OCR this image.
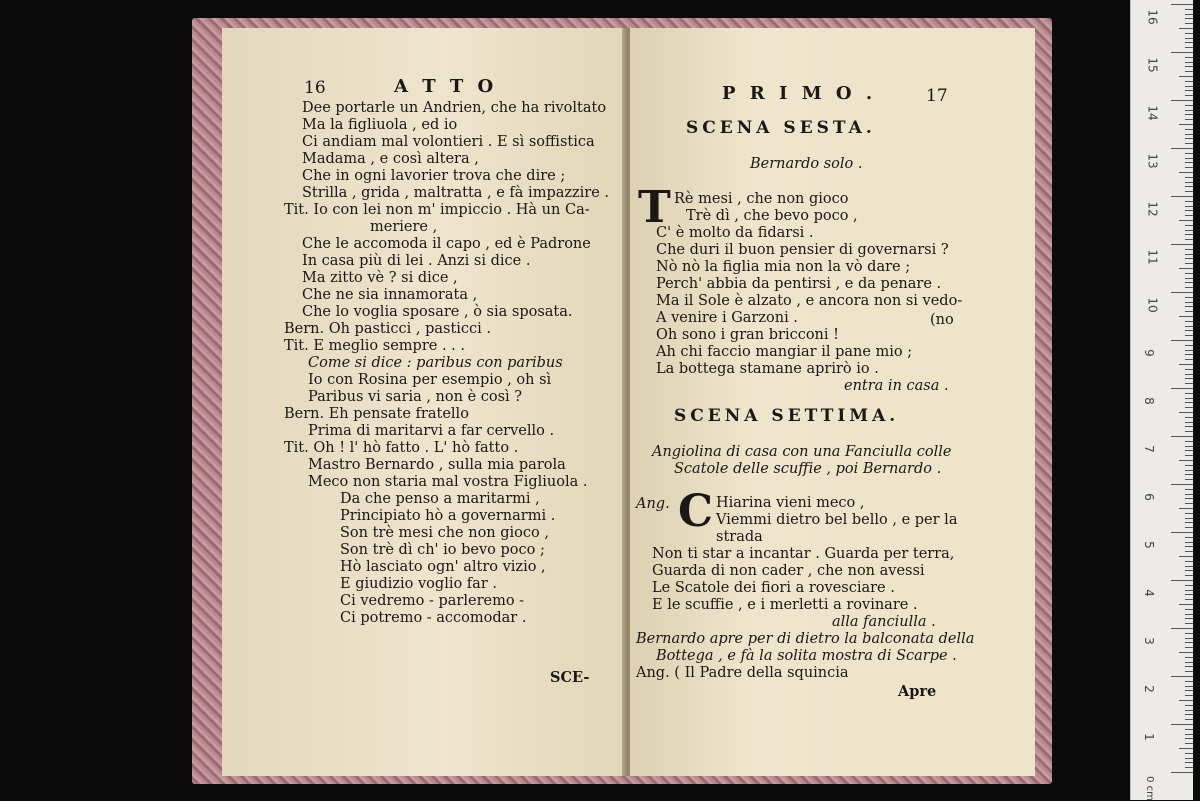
16	A T T O
Dee portarle un Andrien, che ha rivoltato
Ma la figliuola , ed io
Ci andiam mal volontieri . E sì soffistica
Madama , e così altera ,
Che in ogni lavorier trova che dire ;
Strilla , grida , maltratta , e fà impazzire .
Tit. Io con lei non m' impiccio . Hà un Ca-
meriere ,
Che le accomoda il capo , ed è Padrone
In casa più di lei . Anzi si dice .
Ma zitto vè ? si dice ,
Che ne sia innamorata ,
Che lo voglia sposare , ò sia sposata.
Bern. Oh pasticci , pasticci .
Tit. E meglio sempre . . .
Come si dice : paribus con paribus
Io con Rosina per esempio , oh sì
Paribus vi saria , non è così ?
Bern. Eh pensate fratello
Prima di maritarvi a far cervello .
Tit. Oh ! l' hò fatto . L' hò fatto .
Mastro Bernardo , sulla mia parola
Meco non staria mal vostra Figliuola .
Da che penso a maritarmi ,
Principiato hò a governarmi .
Son trè mesi che non gioco ,
Son trè dì ch' io bevo poco ;
Hò lasciato ogn' altro vizio ,
E giudizio voglio far .
Ci vedremo - parleremo -
Ci potremo - accomodar .
SCE-
P R I M O .	17
SCENA SESTA.
Bernardo solo .
T Rè mesi , che non gioco
Trè dì , che bevo poco ,
C' è molto da fidarsi .
Che duri il buon pensier di governarsi ?
Nò nò la figlia mia non la vò dare ;
Perch' abbia da pentirsi , e da penare .
Ma il Sole è alzato , e ancora non si vedo-
A venire i Garzoni .	(no
Oh sono i gran bricconi !
Ah chi faccio mangiar il pane mio ;
La bottega stamane aprirò io .
entra in casa .
SCENA SETTIMA.
Angiolina di casa con una Fanciulla colle
Scatole delle scuffie , poi Bernardo .
Ang. C Hiarina vieni meco ,
Viemmi dietro bel bello , e per la
strada
Non ti star a incantar . Guarda per terra,
Guarda di non cader , che non avessi
Le Scatole dei fiori a rovesciare .
E le scuffie , e i merletti a rovinare .
alla fanciulla .
Bernardo apre per di dietro la balconata della
Bottega , e fà la solita mostra di Scarpe .
Ang. ( Il Padre della squincia
Apre
16
15
14
13
12
11
10
9
8
7
6
5
4
3
2
1
0 cm
